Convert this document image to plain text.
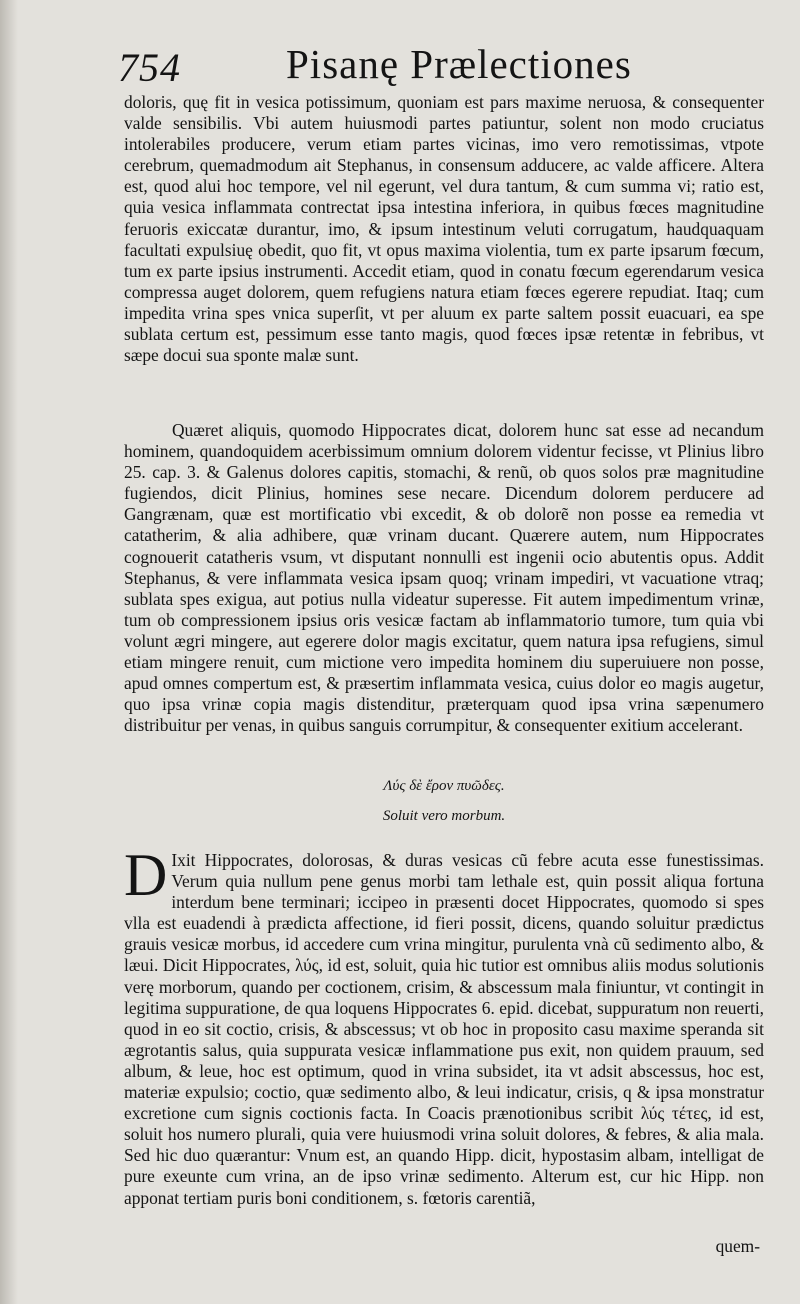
754	Pisanę Prælectiones

doloris, quę fit in vesica potissimum, quoniam est pars maxime neruosa, & consequenter valde sensibilis. Vbi autem huiusmodi partes patiuntur, solent non modo cruciatus intolerabiles producere, verum etiam partes vicinas, imo vero remotissimas, vtpote cerebrum, quemadmodum ait Stephanus, in consensum adducere, ac valde afficere. Altera est, quod alui hoc tempore, vel nil egerunt, vel dura tantum, & cum summa vi; ratio est, quia vesica inflammata contrectat ipsa intestina inferiora, in quibus fœces magnitudine feruoris exiccatæ durantur, imo, & ipsum intestinum veluti corrugatum, haudquaquam facultati expulsiuę obedit, quo fit, vt opus maxima violentia, tum ex parte ipsarum fœcum, tum ex parte ipsius instrumenti. Accedit etiam, quod in conatu fœcum egerendarum vesica compressa auget dolorem, quem refugiens natura etiam fœces egerere repudiat. Itaq; cum impedita vrina spes vnica superſit, vt per aluum ex parte saltem possit euacuari, ea spe sublata certum est, pessimum esse tanto magis, quod fœces ipsæ retentæ in febribus, vt sæpe docui sua sponte malæ sunt.

Quæret aliquis, quomodo Hippocrates dicat, dolorem hunc sat esse ad necandum hominem, quandoquidem acerbissimum omnium dolorem videntur fecisse, vt Plinius libro 25. cap. 3. & Galenus dolores capitis, stomachi, & renũ, ob quos solos præ magnitudine fugiendos, dicit Plinius, homines sese necare. Dicendum dolorem perducere ad Gangrænam, quæ est mortificatio vbi excedit, & ob dolorẽ non posse ea remedia vt catatherim, & alia adhibere, quæ vrinam ducant. Quærere autem, num Hippocrates cognouerit catatheris vsum, vt disputant nonnulli est ingenii ocio abutentis opus. Addit Stephanus, & vere inflammata vesica ipsam quoq; vrinam impediri, vt vacuatione vtraq; sublata spes exigua, aut potius nulla videatur superesse. Fit autem impedimentum vrinæ, tum ob compressionem ipsius oris vesicæ factam ab inflammatorio tumore, tum quia vbi volunt ægri mingere, aut egerere dolor magis excitatur, quem natura ipsa refugiens, simul etiam mingere renuit, cum mictione vero impedita hominem diu superuiuere non posse, apud omnes compertum est, & præsertim inflammata vesica, cuius dolor eo magis augetur, quo ipsa vrinæ copia magis distenditur, præterquam quod ipsa vrina sæpenumero distribuitur per venas, in quibus sanguis corrumpitur, & consequenter exitium accelerant.

Λύς δὲ ἔρον πυῶδες.
Soluit vero morbum.
D Ixit Hippocrates, dolorosas, & duras vesicas cũ febre acuta esse funestissimas. Verum quia nullum pene genus morbi tam lethale est, quin possit aliqua fortuna interdum bene terminari; icciреo in præsenti docet Hippocrates, quomodo si spes vlla est euadendi à prædicta affectione, id fieri possit, dicens, quando soluitur prædictus grauis vesicæ morbus, id accedere cum vrina mingitur, purulenta vnà cũ sedimento albo, & læui. Dicit Hippocrates, λύς, id est, soluit, quia hic tutior est omnibus aliis modus solutionis verę morborum, quando per coctionem, crisim, & abscessum mala finiuntur, vt contingit in legitima suppuratione, de qua loquens Hippocrates 6. epid. dicebat, suppuratum non reuerti, quod in eo sit coctio, crisis, & abscessus; vt ob hoc in proposito casu maxime speranda sit ægrotantis salus, quia suppurata vesicæ inflammatione pus exit, non quidem prauum, sed album, & leue, hoc est optimum, quod in vrina subsidet, ita vt adsit abscessus, hoc est, materiæ expulsio; coctio, quæ sedimento albo, & leui indicatur, crisis, q & ipsa monstratur excretione cum signis coctionis facta. In Coacis prænotionibus scribit λύς τέτες, id est, soluit hos numero plurali, quia vere huiusmodi vrina soluit dolores, & febres, & alia mala. Sed hic duo quærantur: Vnum est, an quando Hipp. dicit, hypostasim albam, intelligat de pure exeunte cum vrina, an de ipso vrinæ sedimento. Alterum est, cur hic Hipp. non apponat tertiam puris boni conditionem, s. fœtoris carentiã,
quem-
